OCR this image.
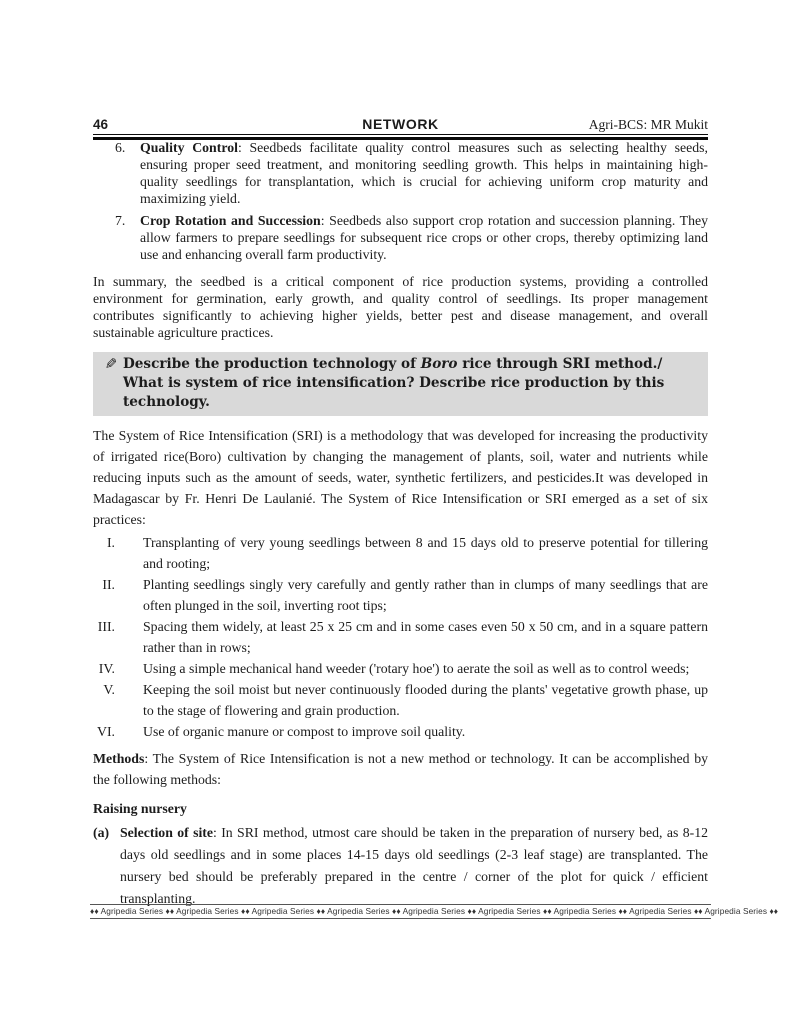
46	NETWORK	Agri-BCS: MR Mukit
6. Quality Control: Seedbeds facilitate quality control measures such as selecting healthy seeds, ensuring proper seed treatment, and monitoring seedling growth. This helps in maintaining high-quality seedlings for transplantation, which is crucial for achieving uniform crop maturity and maximizing yield.
7. Crop Rotation and Succession: Seedbeds also support crop rotation and succession planning. They allow farmers to prepare seedlings for subsequent rice crops or other crops, thereby optimizing land use and enhancing overall farm productivity.

In summary, the seedbed is a critical component of rice production systems, providing a controlled environment for germination, early growth, and quality control of seedlings. Its proper management contributes significantly to achieving higher yields, better pest and disease management, and overall sustainable agriculture practices.

✎ Describe the production technology of Boro rice through SRI method./ What is system of rice intensification? Describe rice production by this technology.

The System of Rice Intensification (SRI) is a methodology that was developed for increasing the productivity of irrigated rice(Boro) cultivation by changing the management of plants, soil, water and nutrients while reducing inputs such as the amount of seeds, water, synthetic fertilizers, and pesticides.It was developed in Madagascar by Fr. Henri De Laulanié. The System of Rice Intensification or SRI emerged as a set of six practices:

I. Transplanting of very young seedlings between 8 and 15 days old to preserve potential for tillering and rooting;
II. Planting seedlings singly very carefully and gently rather than in clumps of many seedlings that are often plunged in the soil, inverting root tips;
III. Spacing them widely, at least 25 x 25 cm and in some cases even 50 x 50 cm, and in a square pattern rather than in rows;
IV. Using a simple mechanical hand weeder ('rotary hoe') to aerate the soil as well as to control weeds;
V. Keeping the soil moist but never continuously flooded during the plants' vegetative growth phase, up to the stage of flowering and grain production.
VI. Use of organic manure or compost to improve soil quality.

Methods: The System of Rice Intensification is not a new method or technology. It can be accomplished by the following methods:

Raising nursery

(a) Selection of site: In SRI method, utmost care should be taken in the preparation of nursery bed, as 8-12 days old seedlings and in some places 14-15 days old seedlings (2-3 leaf stage) are transplanted. The nursery bed should be preferably prepared in the centre / corner of the plot for quick / efficient transplanting.
♦♦ Agripedia Series ♦♦ Agripedia Series ♦♦ Agripedia Series ♦♦ Agripedia Series ♦♦ Agripedia Series ♦♦ Agripedia Series ♦♦ Agripedia Series ♦♦ Agripedia Series ♦♦ Agripedia Series ♦♦
